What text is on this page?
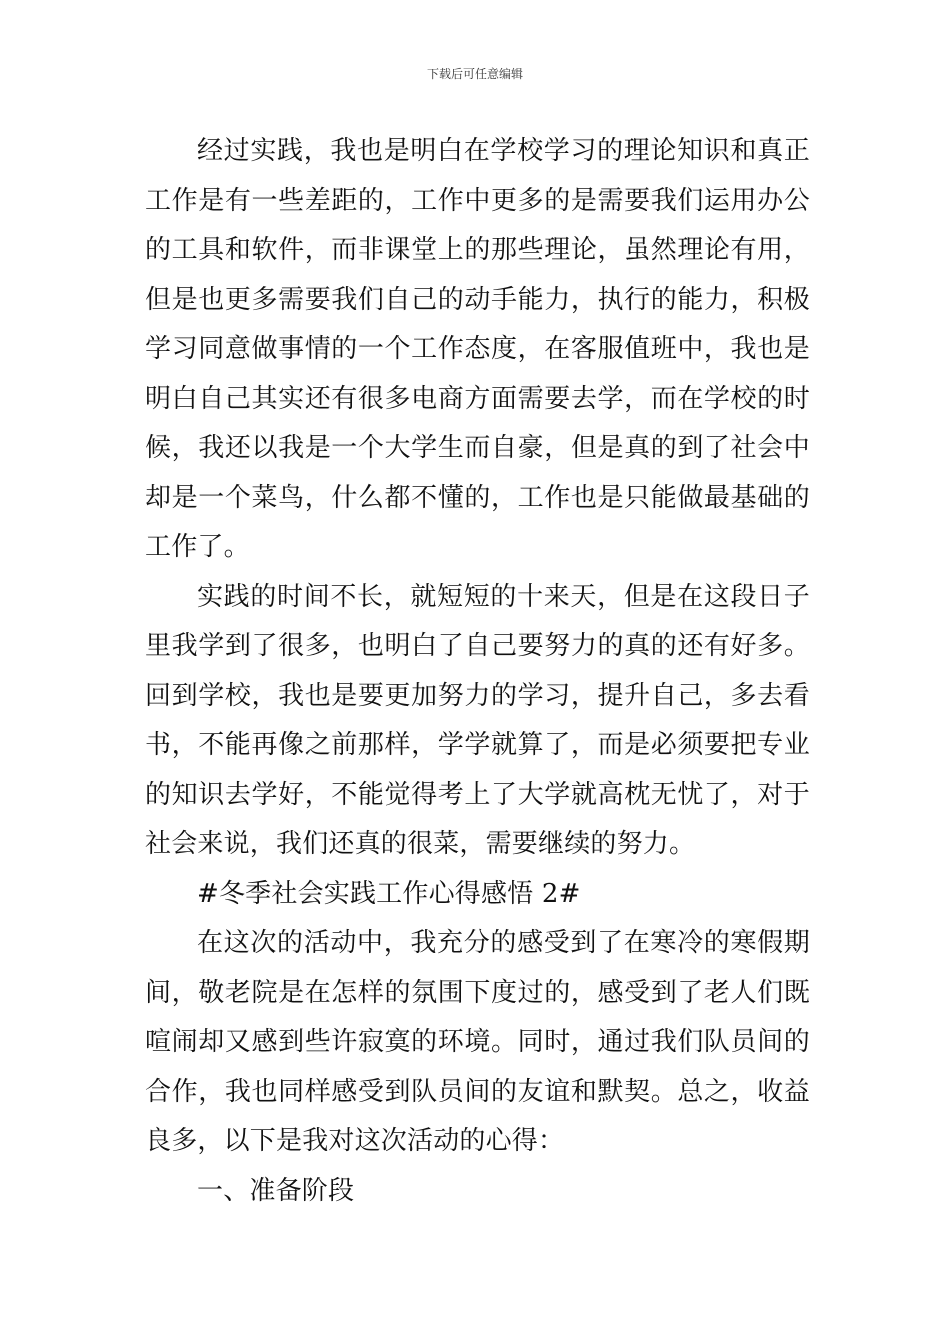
下载后可任意编辑

经过实践，我也是明白在学校学习的理论知识和真正工作是有一些差距的，工作中更多的是需要我们运用办公的工具和软件，而非课堂上的那些理论，虽然理论有用，但是也更多需要我们自己的动手能力，执行的能力，积极学习同意做事情的一个工作态度，在客服值班中，我也是明白自己其实还有很多电商方面需要去学，而在学校的时候，我还以我是一个大学生而自豪，但是真的到了社会中却是一个菜鸟，什么都不懂的，工作也是只能做最基础的工作了。

实践的时间不长，就短短的十来天，但是在这段日子里我学到了很多，也明白了自己要努力的真的还有好多。回到学校，我也是要更加努力的学习，提升自己，多去看书，不能再像之前那样，学学就算了，而是必须要把专业的知识去学好，不能觉得考上了大学就高枕无忧了，对于社会来说，我们还真的很菜，需要继续的努力。

#冬季社会实践工作心得感悟 2#

在这次的活动中，我充分的感受到了在寒冷的寒假期间，敬老院是在怎样的氛围下度过的，感受到了老人们既喧闹却又感到些许寂寞的环境。同时，通过我们队员间的合作，我也同样感受到队员间的友谊和默契。总之，收益良多，以下是我对这次活动的心得：

一、准备阶段
